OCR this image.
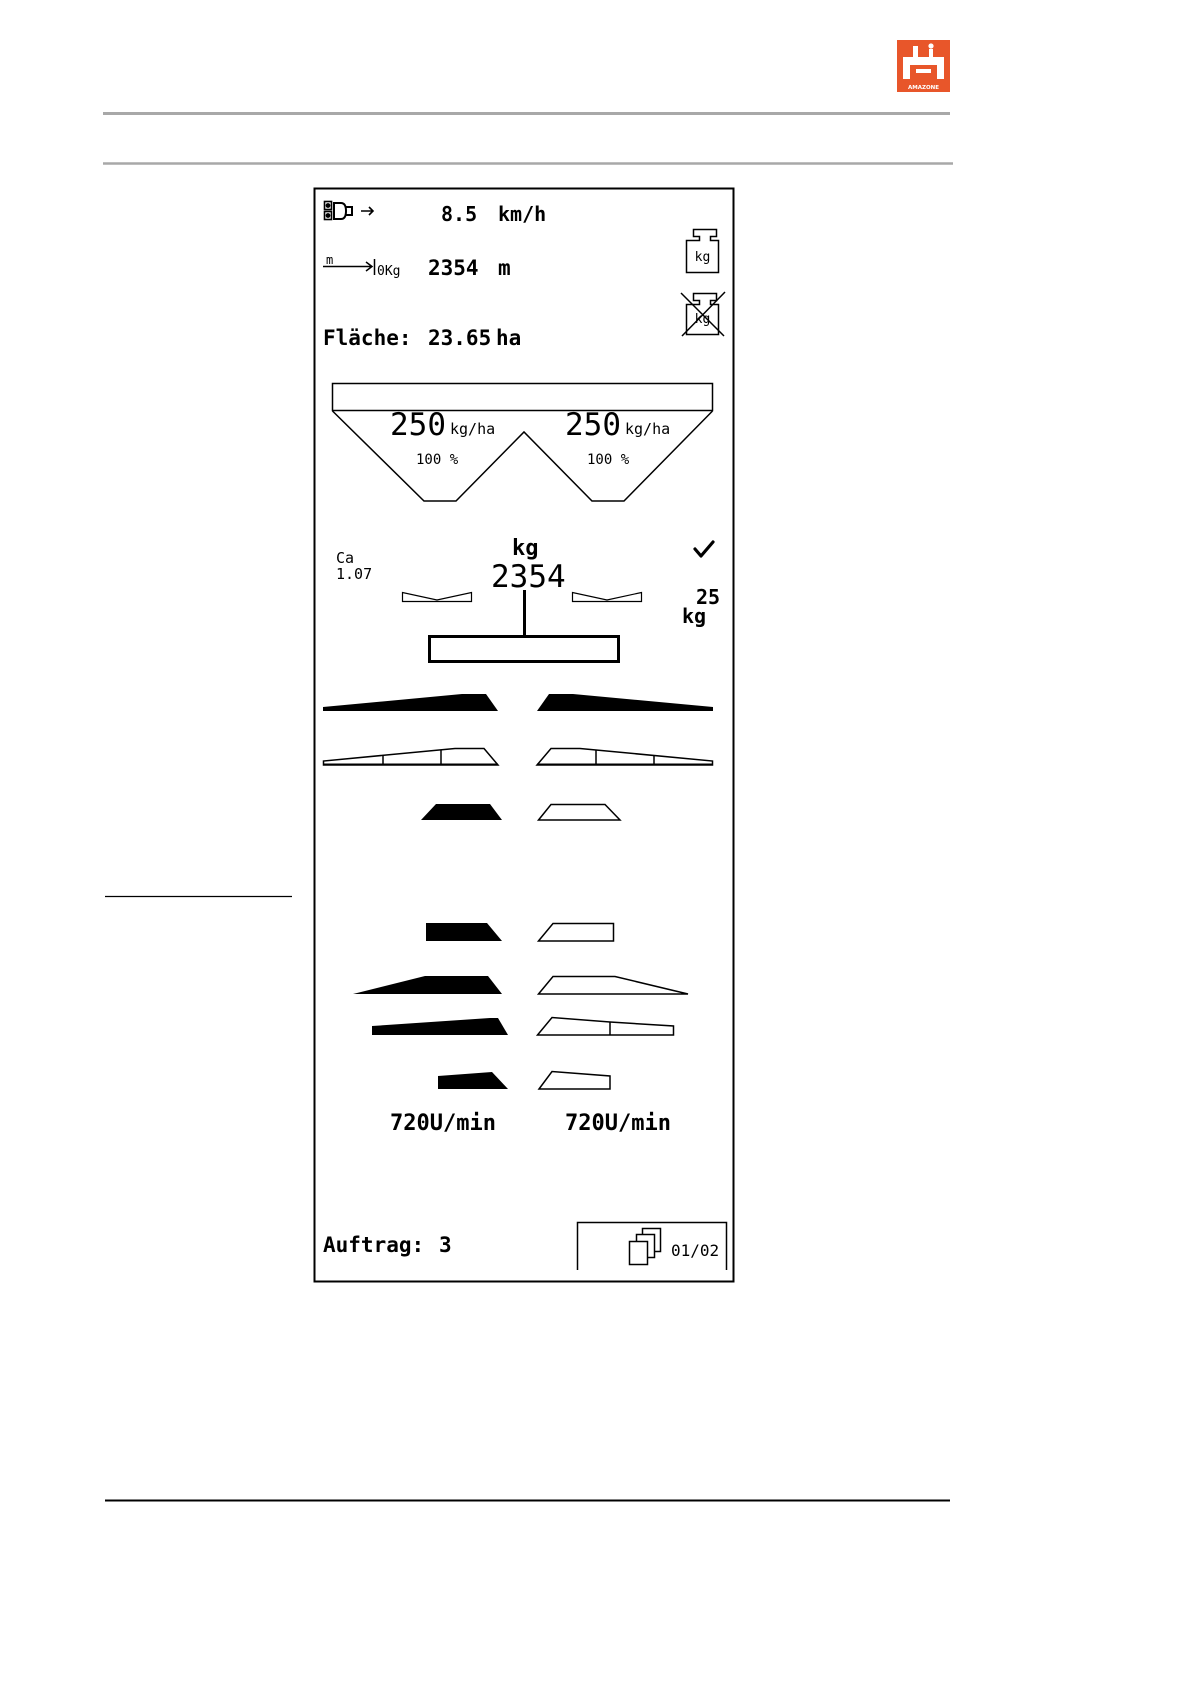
AMAZONE
m
0Kg
kg
kg
8.5 km/h
2354 m
Fläche: 23.65 ha
250 kg/ha
100 %
250 kg/ha
100 %
kg
2354
Ca
1.07
25
kg
720U/min	720U/min
Auftrag: 3	01/02
